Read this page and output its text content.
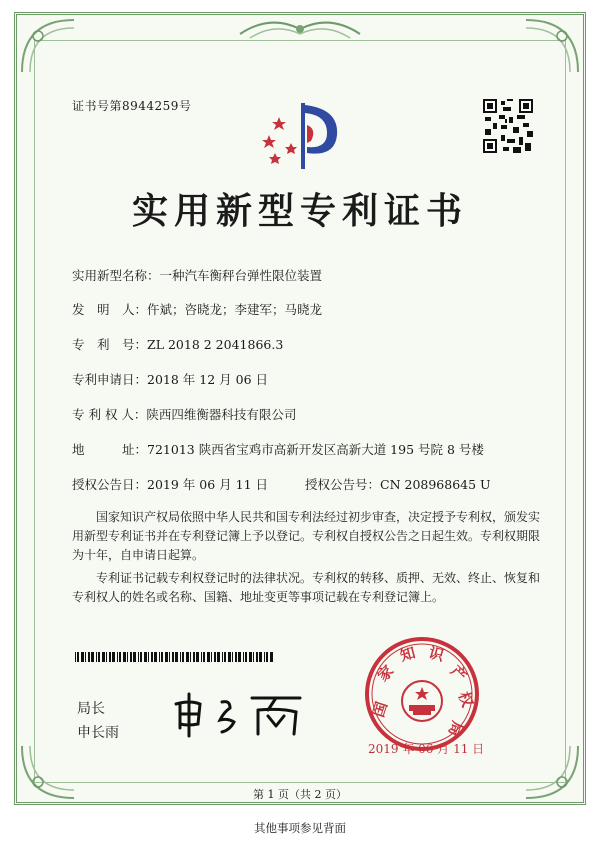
证书号第8944259号
实用新型专利证书
实用新型名称：一种汽车衡秤台弹性限位装置
发　明　人：仵斌；咨晓龙；李建军；马晓龙
专　利　号：ZL 2018 2 2041866.3
专利申请日：2018 年 12 月 06 日
专 利 权 人：陕西四维衡器科技有限公司
地　　　址：721013 陕西省宝鸡市高新开发区高新大道 195 号院 8 号楼
授权公告日：2019 年 06 月 11 日	授权公告号：CN 208968645 U
国家知识产权局依照中华人民共和国专利法经过初步审查，决定授予专利权，颁发实用新型专利证书并在专利登记簿上予以登记。专利权自授权公告之日起生效。专利权期限为十年，自申请日起算。
专利证书记载专利权登记时的法律状况。专利权的转移、质押、无效、终止、恢复和专利权人的姓名或名称、国籍、地址变更等事项记载在专利登记簿上。
局长
申长雨
国
家
知 识
产
权
局
2019 年 06 月 11 日
第 1 页（共 2 页）
其他事项参见背面
